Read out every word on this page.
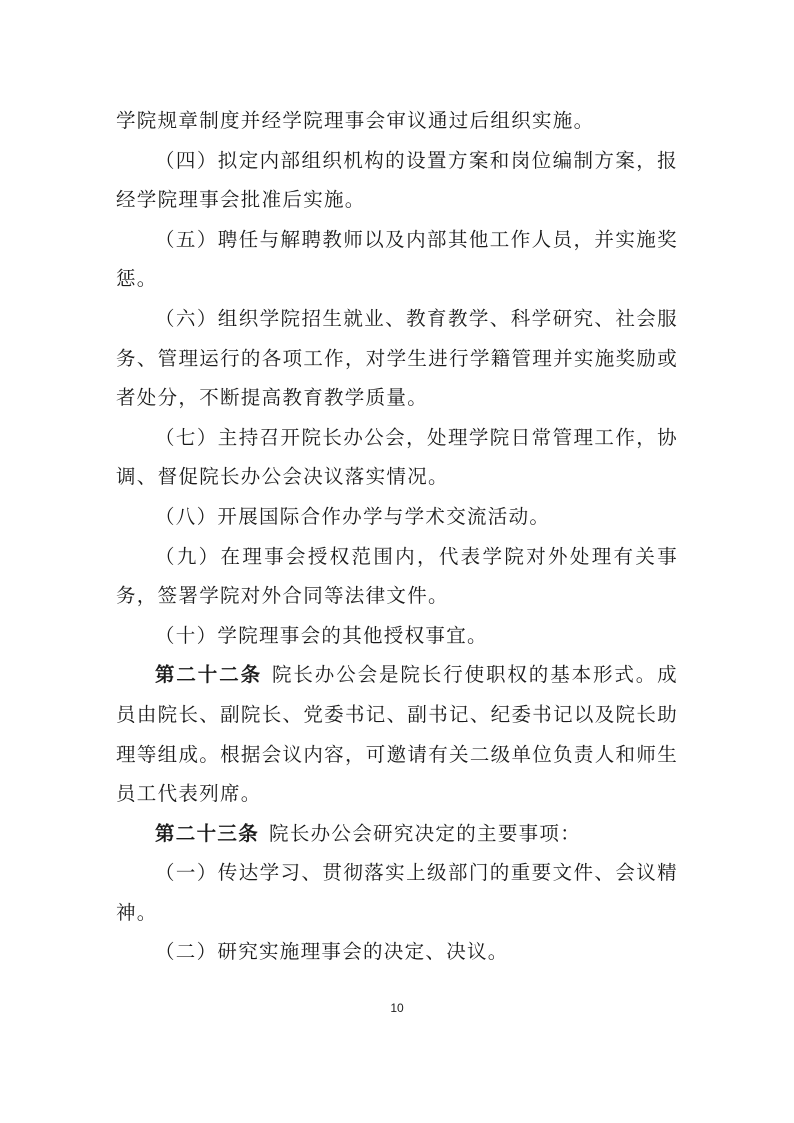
学院规章制度并经学院理事会审议通过后组织实施。

（四）拟定内部组织机构的设置方案和岗位编制方案，报经学院理事会批准后实施。

（五）聘任与解聘教师以及内部其他工作人员，并实施奖惩。

（六）组织学院招生就业、教育教学、科学研究、社会服务、管理运行的各项工作，对学生进行学籍管理并实施奖励或者处分，不断提高教育教学质量。

（七）主持召开院长办公会，处理学院日常管理工作，协调、督促院长办公会决议落实情况。

（八）开展国际合作办学与学术交流活动。

（九）在理事会授权范围内，代表学院对外处理有关事务，签署学院对外合同等法律文件。

（十）学院理事会的其他授权事宜。

第二十二条 院长办公会是院长行使职权的基本形式。成员由院长、副院长、党委书记、副书记、纪委书记以及院长助理等组成。根据会议内容，可邀请有关二级单位负责人和师生员工代表列席。

第二十三条 院长办公会研究决定的主要事项：

（一）传达学习、贯彻落实上级部门的重要文件、会议精神。

（二）研究实施理事会的决定、决议。

10
